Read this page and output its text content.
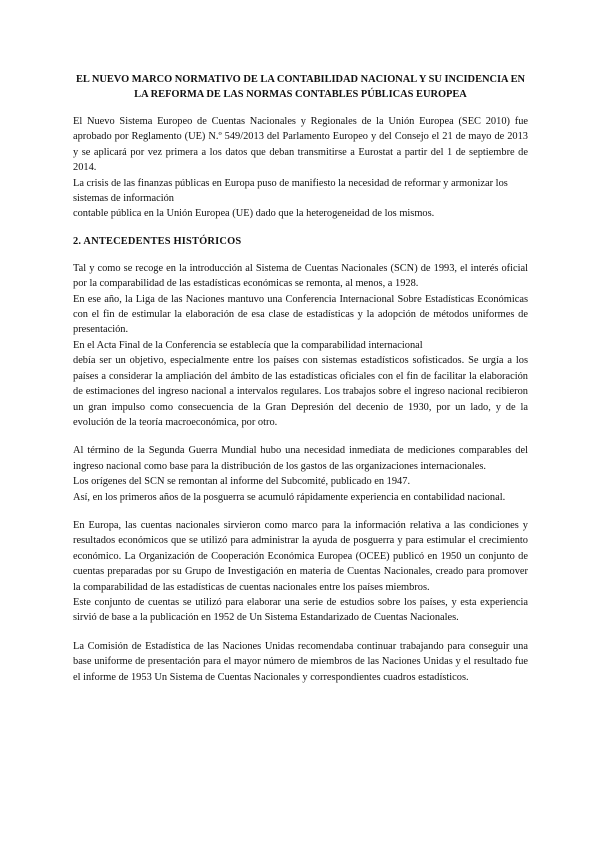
EL NUEVO MARCO NORMATIVO DE LA CONTABILIDAD NACIONAL Y SU INCIDENCIA EN LA REFORMA DE LAS NORMAS CONTABLES PÚBLICAS EUROPEA

El Nuevo Sistema Europeo de Cuentas Nacionales y Regionales de la Unión Europea (SEC 2010) fue aprobado por Reglamento (UE) N.º 549/2013 del Parlamento Europeo y del Consejo el 21 de mayo de 2013 y se aplicará por vez primera a los datos que deban transmitirse a Eurostat a partir del 1 de septiembre de 2014.

La crisis de las finanzas públicas en Europa puso de manifiesto la necesidad de reformar y armonizar los sistemas de información

contable pública en la Unión Europea (UE) dado que la heterogeneidad de los mismos.

2. ANTECEDENTES HISTÓRICOS

Tal y como se recoge en la introducción al Sistema de Cuentas Nacionales (SCN) de 1993, el interés oficial por la comparabilidad de las estadísticas económicas se remonta, al menos, a 1928.

En ese año, la Liga de las Naciones mantuvo una Conferencia Internacional Sobre Estadísticas Económicas con el fin de estimular la elaboración de esa clase de estadísticas y la adopción de métodos uniformes de presentación.

En el Acta Final de la Conferencia se establecía que la comparabilidad internacional

debía ser un objetivo, especialmente entre los países con sistemas estadísticos sofisticados. Se urgía a los países a considerar la ampliación del ámbito de las estadísticas oficiales con el fin de facilitar la elaboración de estimaciones del ingreso nacional a intervalos regulares. Los trabajos sobre el ingreso nacional recibieron un gran impulso como consecuencia de la Gran Depresión del decenio de 1930, por un lado, y de la evolución de la teoría macroeconómica, por otro.

Al término de la Segunda Guerra Mundial hubo una necesidad inmediata de mediciones comparables del ingreso nacional como base para la distribución de los gastos de las organizaciones internacionales.

Los orígenes del SCN se remontan al informe del Subcomité, publicado en 1947.

Así, en los primeros años de la posguerra se acumuló rápidamente experiencia en contabilidad nacional.

En Europa, las cuentas nacionales sirvieron como marco para la información relativa a las condiciones y resultados económicos que se utilizó para administrar la ayuda de posguerra y para estimular el crecimiento económico. La Organización de Cooperación Económica Europea (OCEE) publicó en 1950 un conjunto de cuentas preparadas por su Grupo de Investigación en materia de Cuentas Nacionales, creado para promover la comparabilidad de las estadísticas de cuentas nacionales entre los países miembros.

Este conjunto de cuentas se utilizó para elaborar una serie de estudios sobre los países, y esta experiencia sirvió de base a la publicación en 1952 de Un Sistema Estandarizado de Cuentas Nacionales.

La Comisión de Estadística de las Naciones Unidas recomendaba continuar trabajando para conseguir una base uniforme de presentación para el mayor número de miembros de las Naciones Unidas y el resultado fue el informe de 1953 Un Sistema de Cuentas Nacionales y correspondientes cuadros estadísticos.
